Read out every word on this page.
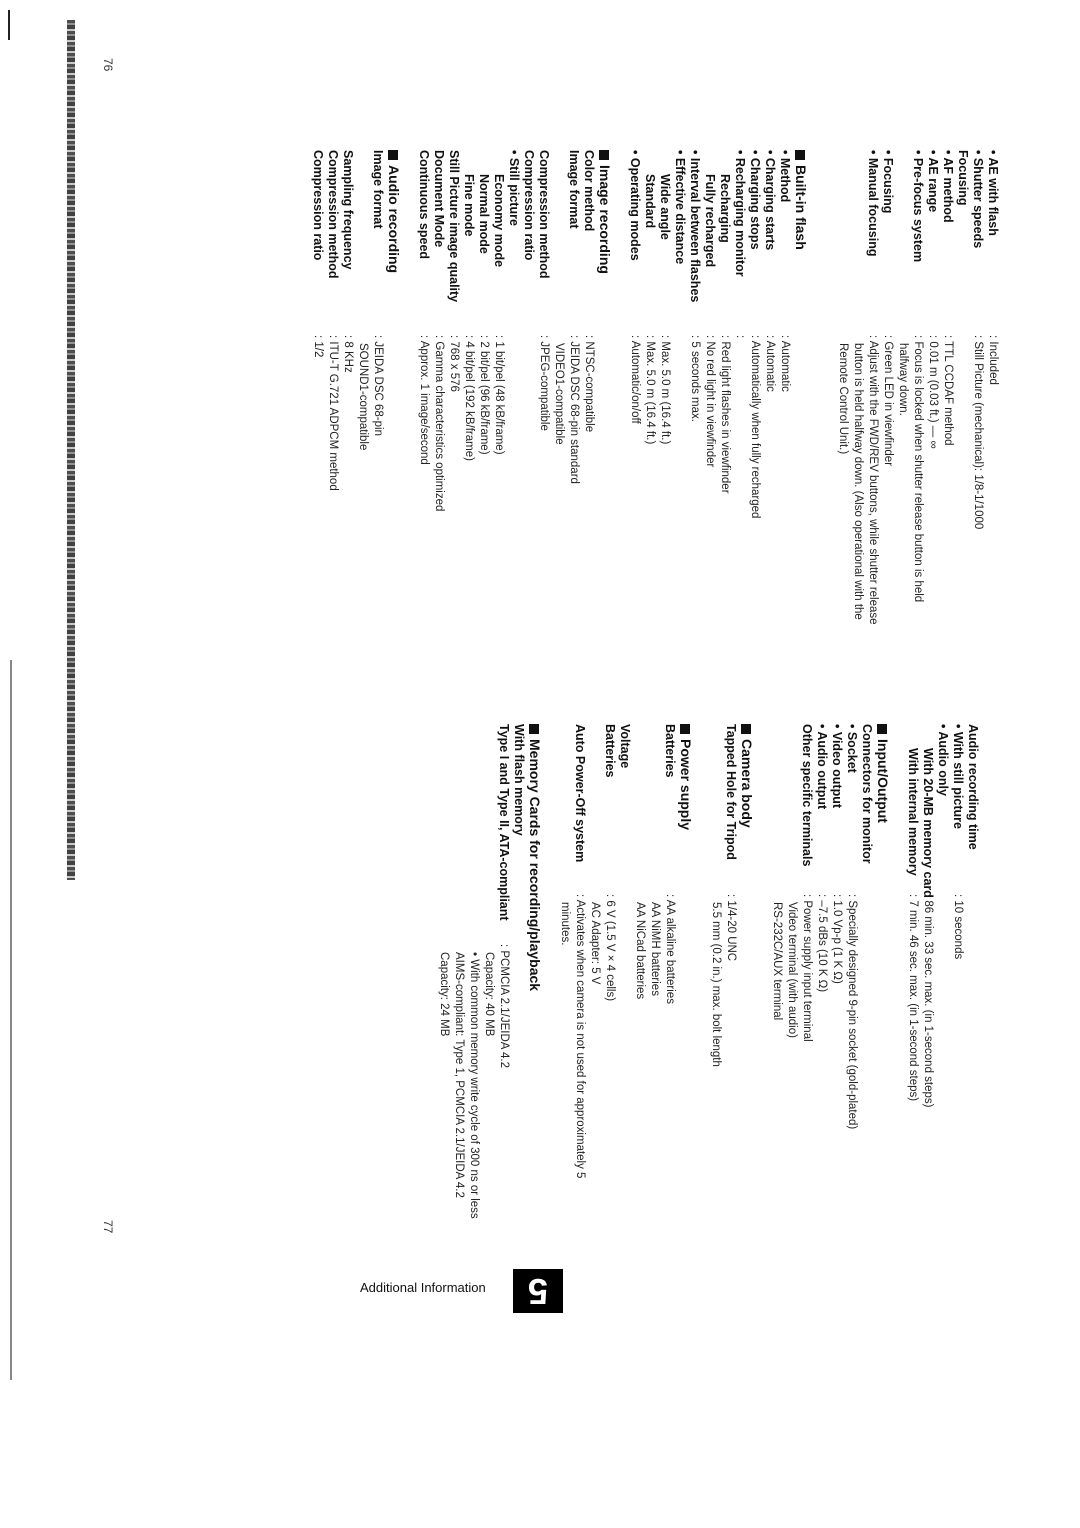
76
• AE with flash
: Included
• Shutter speeds
: Still Picture (mechanical): 1/8-1/1000
Focusing
• AF method
: TTL CCDAF method
• AE range
: 0.01 m (0.03 ft.) — ∞
• Pre-focus system
: Focus is locked when shutter release button is held
halfway down.
• Focusing
: Green LED in viewfinder
• Manual focusing
: Adjust with the FWD/REV buttons, while shutter release
button is held halfway down. (Also operational with the
Remote Control Unit.)
Built-in flash
• Method
: Automatic
• Charging starts
: Automatic
• Charging stops
: Automatically when fully recharged
• Recharging monitor
:
Recharging
: Red light flashes in viewfinder
Fully recharged
: No red light in viewfinder
• Interval between flashes
: 5 seconds max.
• Effective distance
Wide angle
: Max. 5.0 m (16.4 ft.)
Standard
: Max. 5.0 m (16.4 ft.)
• Operating modes
: Automatic/on/off
Image recording
Color method
: NTSC-compatible
Image format
: JEIDA DSC 68-pin standard
VIDEO1-compatible
Compression method
: JPEG-compatible
Compression ratio
• Still picture
Economy mode
: 1 bit/pel (48 kB/frame)
Normal mode
: 2 bit/pel (96 kB/frame)
Fine mode
: 4 bit/pel (192 kB/frame)
Still Picture image quality
: 768 x 576
Document Mode
: Gamma characteristics optimized
Continuous speed
: Approx. 1 image/second
Audio recording
Image format
: JEIDA DSC 68-pin
SOUND1-compatible
Sampling frequency
: 8 KHz
Compression method
: ITU-T G.721 ADPCM method
Compression ratio
: 1/2
77
Audio recording time
• With still picture
: 10 seconds
• Audio only
With 20-MB memory card
: 86 min. 33 sec. max. (in 1-second steps)
With internal memory
: 7 min. 46 sec. max. (in 1-second steps)
Input/Output
Connectors for monitor
• Socket
: Specially designed 9-pin socket (gold-plated)
• Video output
: 1.0 Vp-p (1 K Ω)
• Audio output
: –7.5 dBs (10 K Ω)
Other specific terminals
: Power supply input terminal
Video terminal (with audio)
RS-232C/AUX terminal
Camera body
Tapped Hole for Tripod
: 1/4-20 UNC
5.5 mm (0.2 in.) max. bolt length
Power supply
Batteries
: AA alkaline batteries
AA NiMH batteries
AA NiCad batteries
Voltage
Batteries
: 6 V (1.5 V × 4 cells)
AC Adapter: 5 V
Auto Power-Off system
: Activates when camera is not used for approximately 5
minutes.
Memory Cards for recording/playback
With flash memory
Type I and Type II, ATA-compliant
: PCMCIA 2.1/JEIDA 4.2
Capacity: 40 MB
• With common memory write cycle of 300 ns or less
AIMS-compliant: Type 1, PCMCIA 2.1/JEIDA 4.2
Capacity: 24 MB
5
Additional Information
